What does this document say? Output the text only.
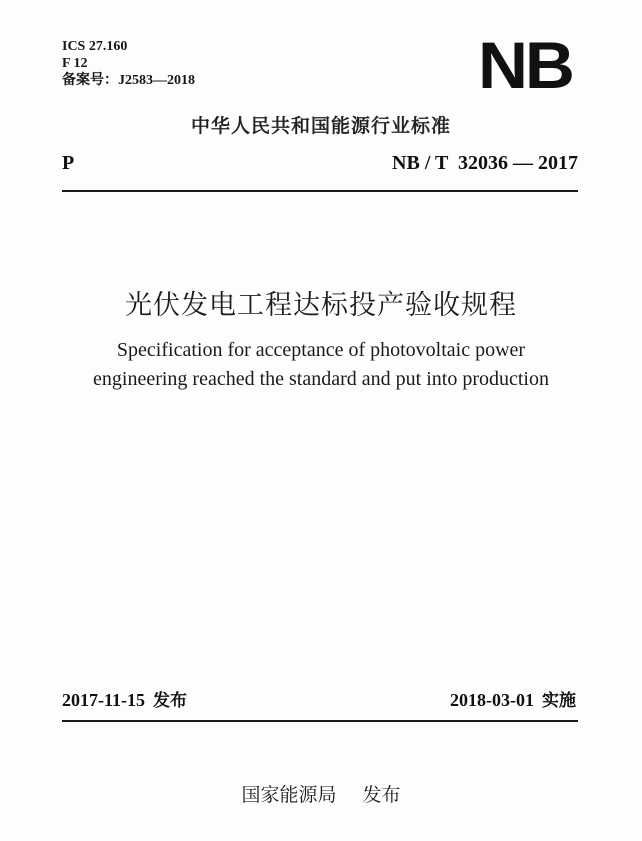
ICS 27.160
F 12
备案号：J2583—2018	NB
中华人民共和国能源行业标准
P	NB / T  32036 — 2017
光伏发电工程达标投产验收规程
Specification for acceptance of photovoltaic power
engineering reached the standard and put into production
2017-11-15 发布	2018-03-01 实施
国家能源局 发布
